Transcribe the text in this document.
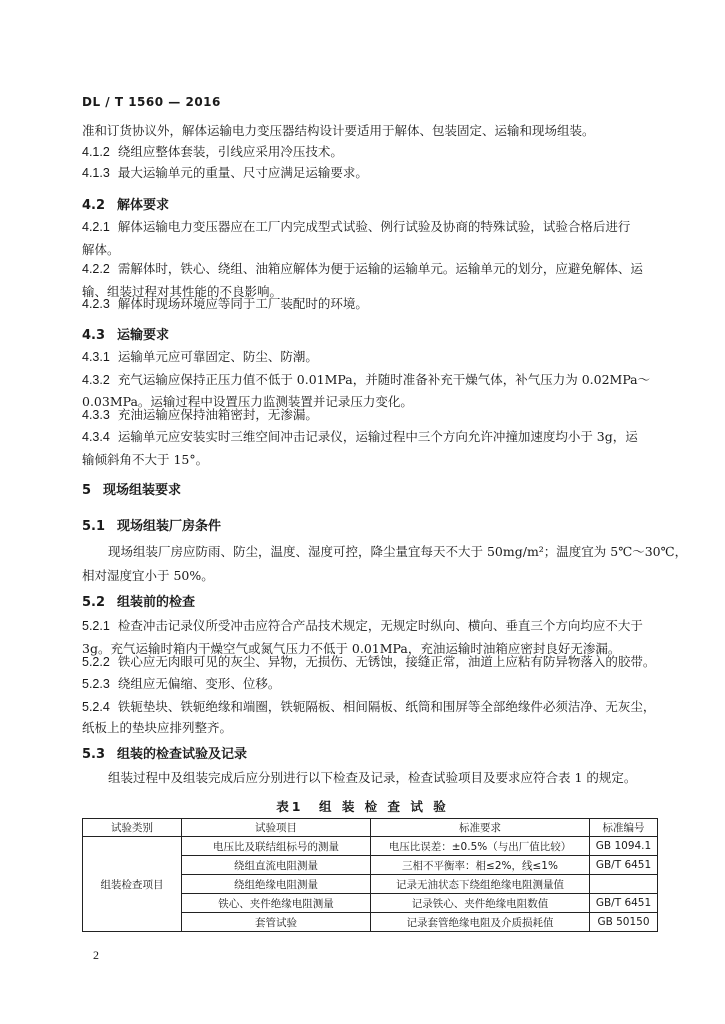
DL / T 1560 — 2016
准和订货协议外，解体运输电力变压器结构设计要适用于解体、包装固定、运输和现场组装。
4.1.2 绕组应整体套装，引线应采用冷压技术。
4.1.3 最大运输单元的重量、尺寸应满足运输要求。
4.2 解体要求
4.2.1 解体运输电力变压器应在工厂内完成型式试验、例行试验及协商的特殊试验，试验合格后进行
解体。
4.2.2 需解体时，铁心、绕组、油箱应解体为便于运输的运输单元。运输单元的划分，应避免解体、运
输、组装过程对其性能的不良影响。
4.2.3 解体时现场环境应等同于工厂装配时的环境。
4.3 运输要求
4.3.1 运输单元应可靠固定、防尘、防潮。
4.3.2 充气运输应保持正压力值不低于 0.01MPa，并随时准备补充干燥气体，补气压力为 0.02MPa～
0.03MPa。运输过程中设置压力监测装置并记录压力变化。
4.3.3 充油运输应保持油箱密封，无渗漏。
4.3.4 运输单元应安装实时三维空间冲击记录仪，运输过程中三个方向允许冲撞加速度均小于 3g，运
输倾斜角不大于 15°。
5 现场组装要求
5.1 现场组装厂房条件
现场组装厂房应防雨、防尘，温度、湿度可控，降尘量宜每天不大于 50mg/m²；温度宜为 5℃～30℃，
相对湿度宜小于 50%。
5.2 组装前的检查
5.2.1 检查冲击记录仪所受冲击应符合产品技术规定，无规定时纵向、横向、垂直三个方向均应不大于
3g。充气运输时箱内干燥空气或氮气压力不低于 0.01MPa，充油运输时油箱应密封良好无渗漏。
5.2.2 铁心应无肉眼可见的灰尘、异物，无损伤、无锈蚀，接缝正常，油道上应粘有防异物落入的胶带。
5.2.3 绕组应无偏缩、变形、位移。
5.2.4 铁轭垫块、铁轭绝缘和端圈，铁轭隔板、相间隔板、纸筒和围屏等全部绝缘件必须洁净、无灰尘，
纸板上的垫块应排列整齐。
5.3 组装的检查试验及记录
组装过程中及组装完成后应分别进行以下检查及记录，检查试验项目及要求应符合表 1 的规定。
表1　组 装 检 查 试 验
试验类别	试验项目	标准要求	标准编号
组装检查项目	电压比及联结组标号的测量	电压比误差：±0.5%（与出厂值比较）	GB 1094.1
	绕组直流电阻测量	三相不平衡率：相≤2%，线≤1%	GB/T 6451
	绕组绝缘电阻测量	记录无油状态下绕组绝缘电阻测量值	
	铁心、夹件绝缘电阻测量	记录铁心、夹件绝缘电阻数值	GB/T 6451
	套管试验	记录套管绝缘电阻及介质损耗值	GB 50150
2
